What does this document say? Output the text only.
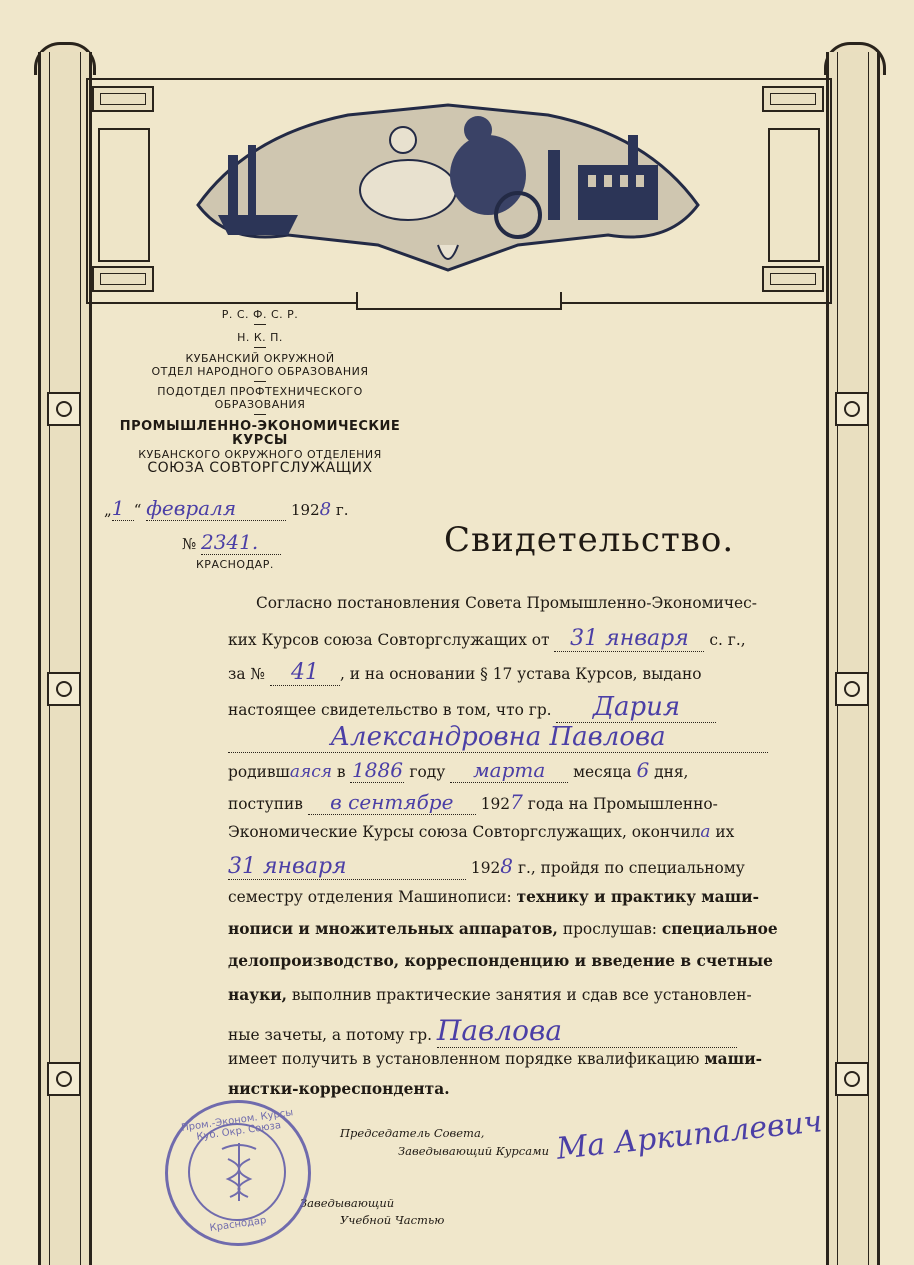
Р. С. Ф. С. Р.
Н. К. П.
КУБАНСКИЙ ОКРУЖНОЙ
ОТДЕЛ НАРОДНОГО ОБРАЗОВАНИЯ
ПОДОТДЕЛ ПРОФТЕХНИЧЕСКОГО
ОБРАЗОВАНИЯ
ПРОМЫШЛЕННО-ЭКОНОМИЧЕСКИЕ
КУРСЫ
КУБАНСКОГО ОКРУЖНОГО ОТДЕЛЕНИЯ
СОЮЗА СОВТОРГСЛУЖАЩИХ
„1 “ февраля	1928 г.
№ 2341.
КРАСНОДАР.
Свидетельство.
Согласно постановления Совета Промышленно-Экономичес-
ких Курсов союза Совторгслужащих от 31 января с. г.,
за № 41 , и на основании § 17 устава Курсов, выдано
настоящее свидетельство в том, что гр. Дария
Александровна Павлова
родившаяся в 1886 году марта месяца 6 дня,
поступив в сентябре 1927 года на Промышленно-
Экономические Курсы союза Совторгслужащих, окончила их
31 января	1928 г., пройдя по специальному
семестру отделения Машинописи: технику и практику маши-
нописи и множительных аппаратов, прослушав: специальное
делопроизводство, корреспонденцию и введение в счетные
науки, выполнив практические занятия и сдав все установлен-
ные зачеты, а потому гр. Павлова
имеет получить в установленном порядке квалификацию маши-
нистки-корреспондента.
Председатель Совета,
Заведывающий Курсами Ма Аркипалевич
Заведывающий
Учебной Частью
Пром.-Эконом. Курсы Куб. Окр. Союза
Краснодар
